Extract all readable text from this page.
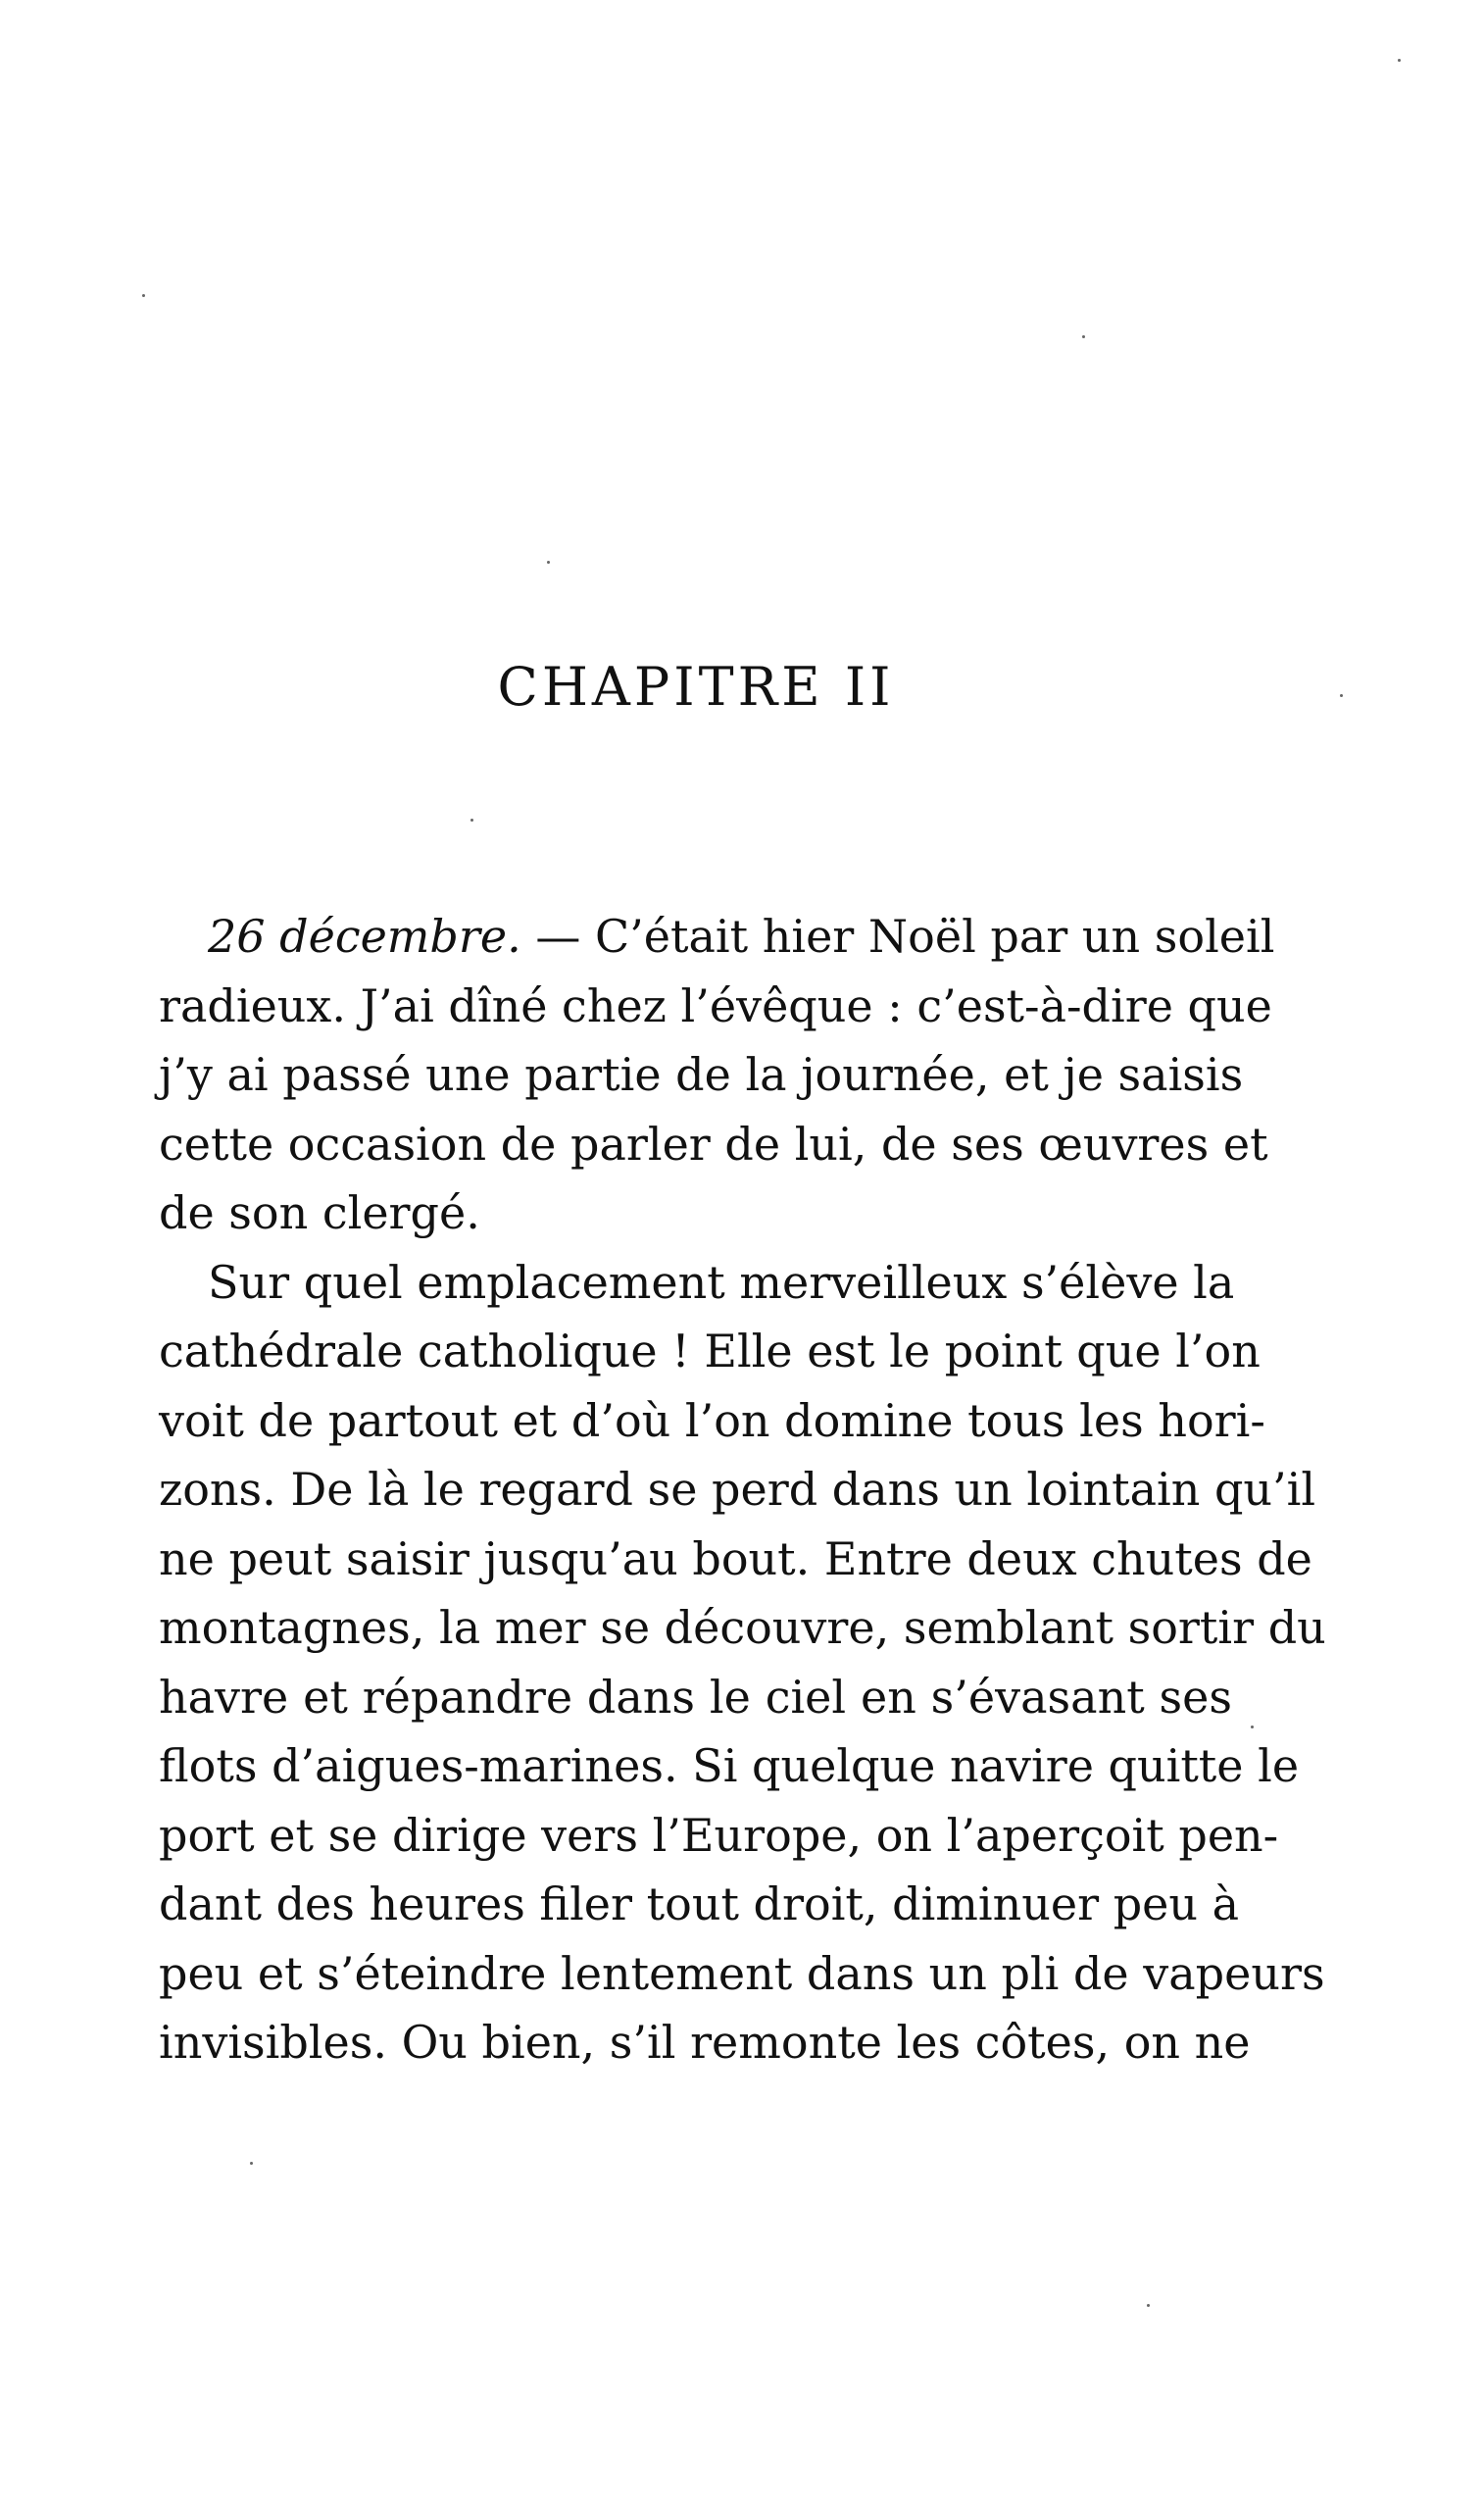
CHAPITRE II
26 décembre. — C’était hier Noël par un soleil
radieux. J’ai dîné chez l’évêque : c’est-à-dire que
j’y ai passé une partie de la journée, et je saisis
cette occasion de parler de lui, de ses œuvres et
de son clergé.
Sur quel emplacement merveilleux s’élève la
cathédrale catholique ! Elle est le point que l’on
voit de partout et d’où l’on domine tous les hori-
zons. De là le regard se perd dans un lointain qu’il
ne peut saisir jusqu’au bout. Entre deux chutes de
montagnes, la mer se découvre, semblant sortir du
havre et répandre dans le ciel en s’évasant ses
flots d’aigues-marines. Si quelque navire quitte le
port et se dirige vers l’Europe, on l’aperçoit pen-
dant des heures filer tout droit, diminuer peu à
peu et s’éteindre lentement dans un pli de vapeurs
invisibles. Ou bien, s’il remonte les côtes, on ne
